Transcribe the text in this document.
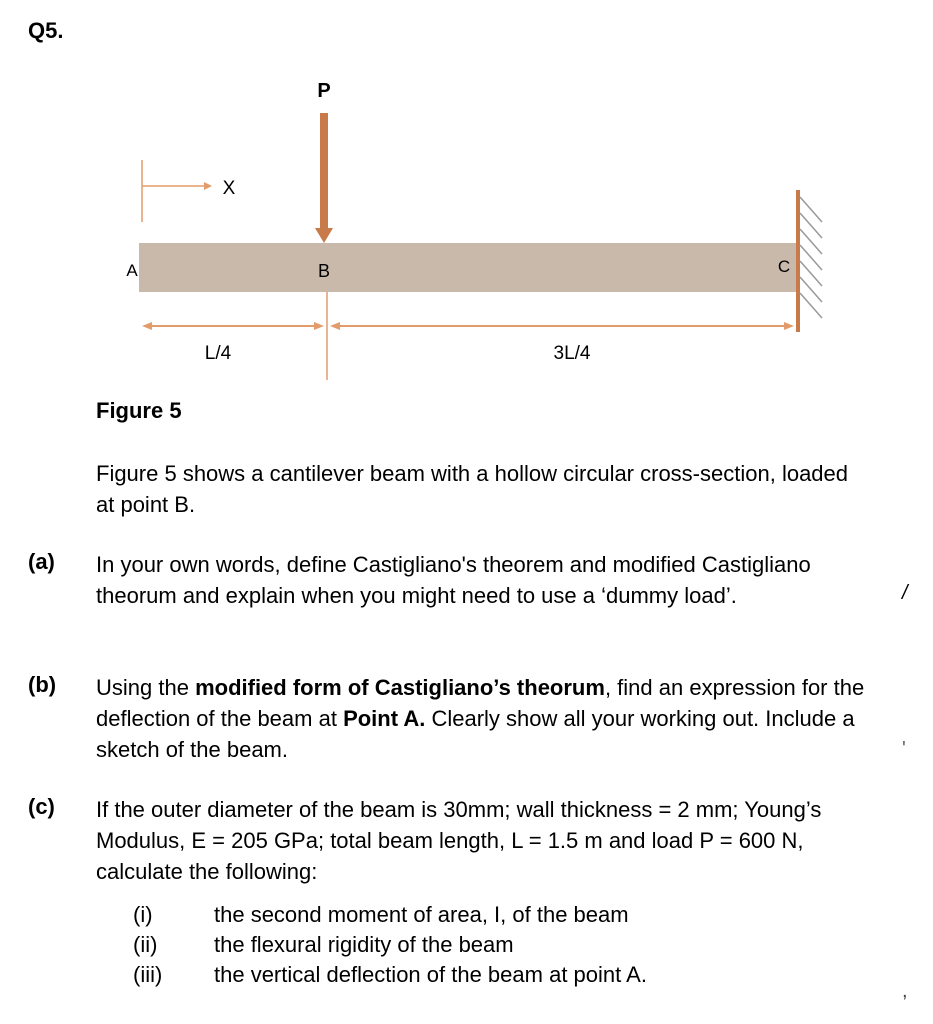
Q5.
P
X
A	B	C
L/4	3L/4
Figure 5
Figure 5 shows a cantilever beam with a hollow circular cross-section, loaded at point B.
(a) In your own words, define Castigliano's theorem and modified Castigliano theorum and explain when you might need to use a ‘dummy load’.
(b) Using the modified form of Castigliano’s theorum, find an expression for the deflection of the beam at Point A. Clearly show all your working out. Include a sketch of the beam.
(c) If the outer diameter of the beam is 30mm; wall thickness = 2 mm; Young’s Modulus, E = 205 GPa; total beam length, L = 1.5 m and load P = 600 N, calculate the following:
(i)	the second moment of area, I, of the beam
(ii)	the flexural rigidity of the beam
(iii) the vertical deflection of the beam at point A.
/
'
,
